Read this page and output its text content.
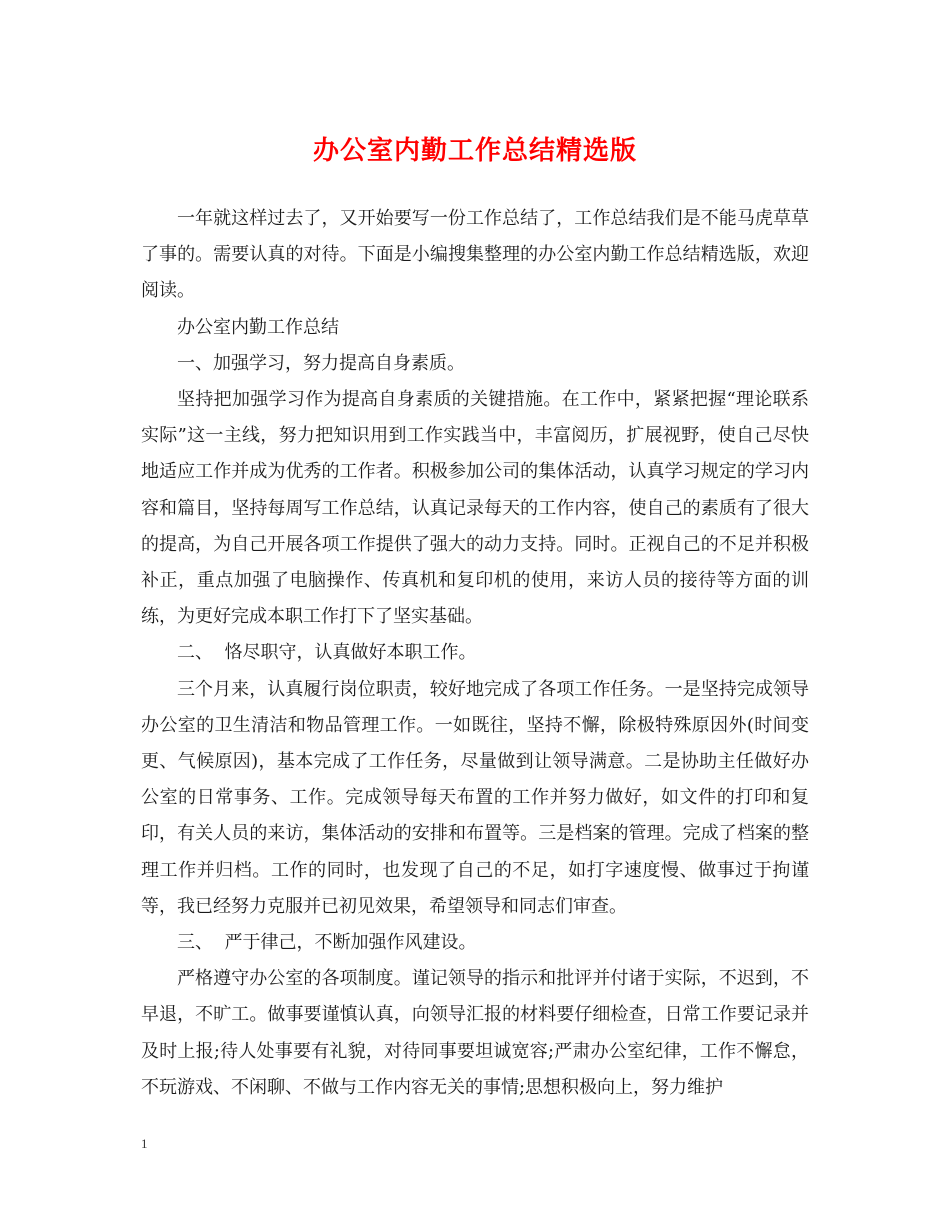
办公室内勤工作总结精选版

一年就这样过去了，又开始要写一份工作总结了，工作总结我们是不能马虎草草了事的。需要认真的对待。下面是小编搜集整理的办公室内勤工作总结精选版，欢迎阅读。

办公室内勤工作总结

一、加强学习，努力提高自身素质。

坚持把加强学习作为提高自身素质的关键措施。在工作中，紧紧把握“理论联系实际”这一主线，努力把知识用到工作实践当中，丰富阅历，扩展视野，使自己尽快地适应工作并成为优秀的工作者。积极参加公司的集体活动，认真学习规定的学习内容和篇目，坚持每周写工作总结，认真记录每天的工作内容，使自己的素质有了很大的提高，为自己开展各项工作提供了强大的动力支持。同时。正视自己的不足并积极补正，重点加强了电脑操作、传真机和复印机的使用，来访人员的接待等方面的训练，为更好完成本职工作打下了坚实基础。

二、  恪尽职守，认真做好本职工作。

三个月来，认真履行岗位职责，较好地完成了各项工作任务。一是坚持完成领导办公室的卫生清洁和物品管理工作。一如既往，坚持不懈，除极特殊原因外(时间变更、气候原因)，基本完成了工作任务，尽量做到让领导满意。二是协助主任做好办公室的日常事务、工作。完成领导每天布置的工作并努力做好，如文件的打印和复印，有关人员的来访，集体活动的安排和布置等。三是档案的管理。完成了档案的整理工作并归档。工作的同时，也发现了自己的不足，如打字速度慢、做事过于拘谨等，我已经努力克服并已初见效果，希望领导和同志们审查。

三、  严于律己，不断加强作风建设。

严格遵守办公室的各项制度。谨记领导的指示和批评并付诸于实际，不迟到，不早退，不旷工。做事要谨慎认真，向领导汇报的材料要仔细检查，日常工作要记录并及时上报;待人处事要有礼貌，对待同事要坦诚宽容;严肃办公室纪律，工作不懈怠，不玩游戏、不闲聊、不做与工作内容无关的事情;思想积极向上，努力维护

1
